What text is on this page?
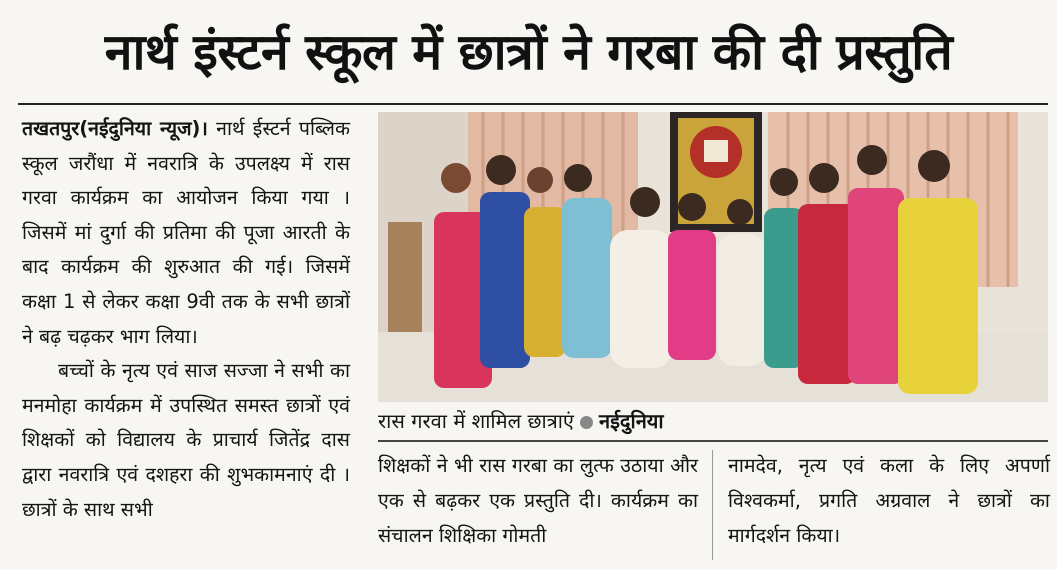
नार्थ इंस्टर्न स्कूल में छात्रों ने गरबा की दी प्रस्तुति

तखतपुर(नईदुनिया न्यूज)। नार्थ ईस्टर्न पब्लिक स्कूल जरौंधा में नवरात्रि के उपलक्ष्य में रास गरवा कार्यक्रम का आयोजन किया गया । जिसमें मां दुर्गा की प्रतिमा की पूजा आरती के बाद कार्यक्रम की शुरुआत की गई। जिसमें कक्षा 1 से लेकर कक्षा 9वी तक के सभी छात्रों ने बढ़ चढ़कर भाग लिया।

बच्चों के नृत्य एवं साज सज्जा ने सभी का मनमोहा कार्यक्रम में उपस्थित समस्त छात्रों एवं शिक्षकों को विद्यालय के प्राचार्य जितेंद्र दास द्वारा नवरात्रि एवं दशहरा की शुभकामनाएं दी । छात्रों के साथ सभी

रास गरवा में शामिल छात्राएं नईदुनिया

शिक्षकों ने भी रास गरबा का लुत्फ उठाया और एक से बढ़कर एक प्रस्तुति दी। कार्यक्रम का संचालन शिक्षिका गोमती

नामदेव, नृत्य एवं कला के लिए अपर्णा विश्वकर्मा, प्रगति अग्रवाल ने छात्रों का मार्गदर्शन किया।
